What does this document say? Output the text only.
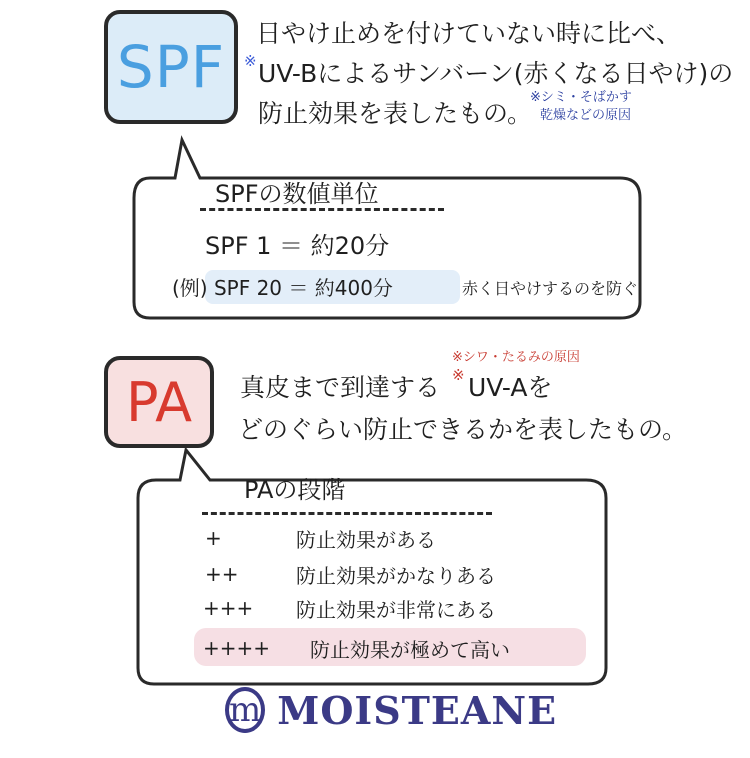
SPF 日やけ止めを付けていない時に比べ、
※ UV-Bによるサンバーン(赤くなる日やけ)の
防止効果を表したもの。
※シミ・そばかす
乾燥などの原因
SPFの数値単位
SPF 1 ＝ 約20分
(例) SPF 20 ＝ 約400分	赤く日やけするのを防ぐ
PA
※シワ・たるみの原因
真皮まで到達する ※ UV-Aを
どのぐらい防止できるかを表したもの。
PAの段階
+	防止効果がある
++	防止効果がかなりある
+++ 防止効果が非常にある
++++ 防止効果が極めて高い
m MOISTEANE
